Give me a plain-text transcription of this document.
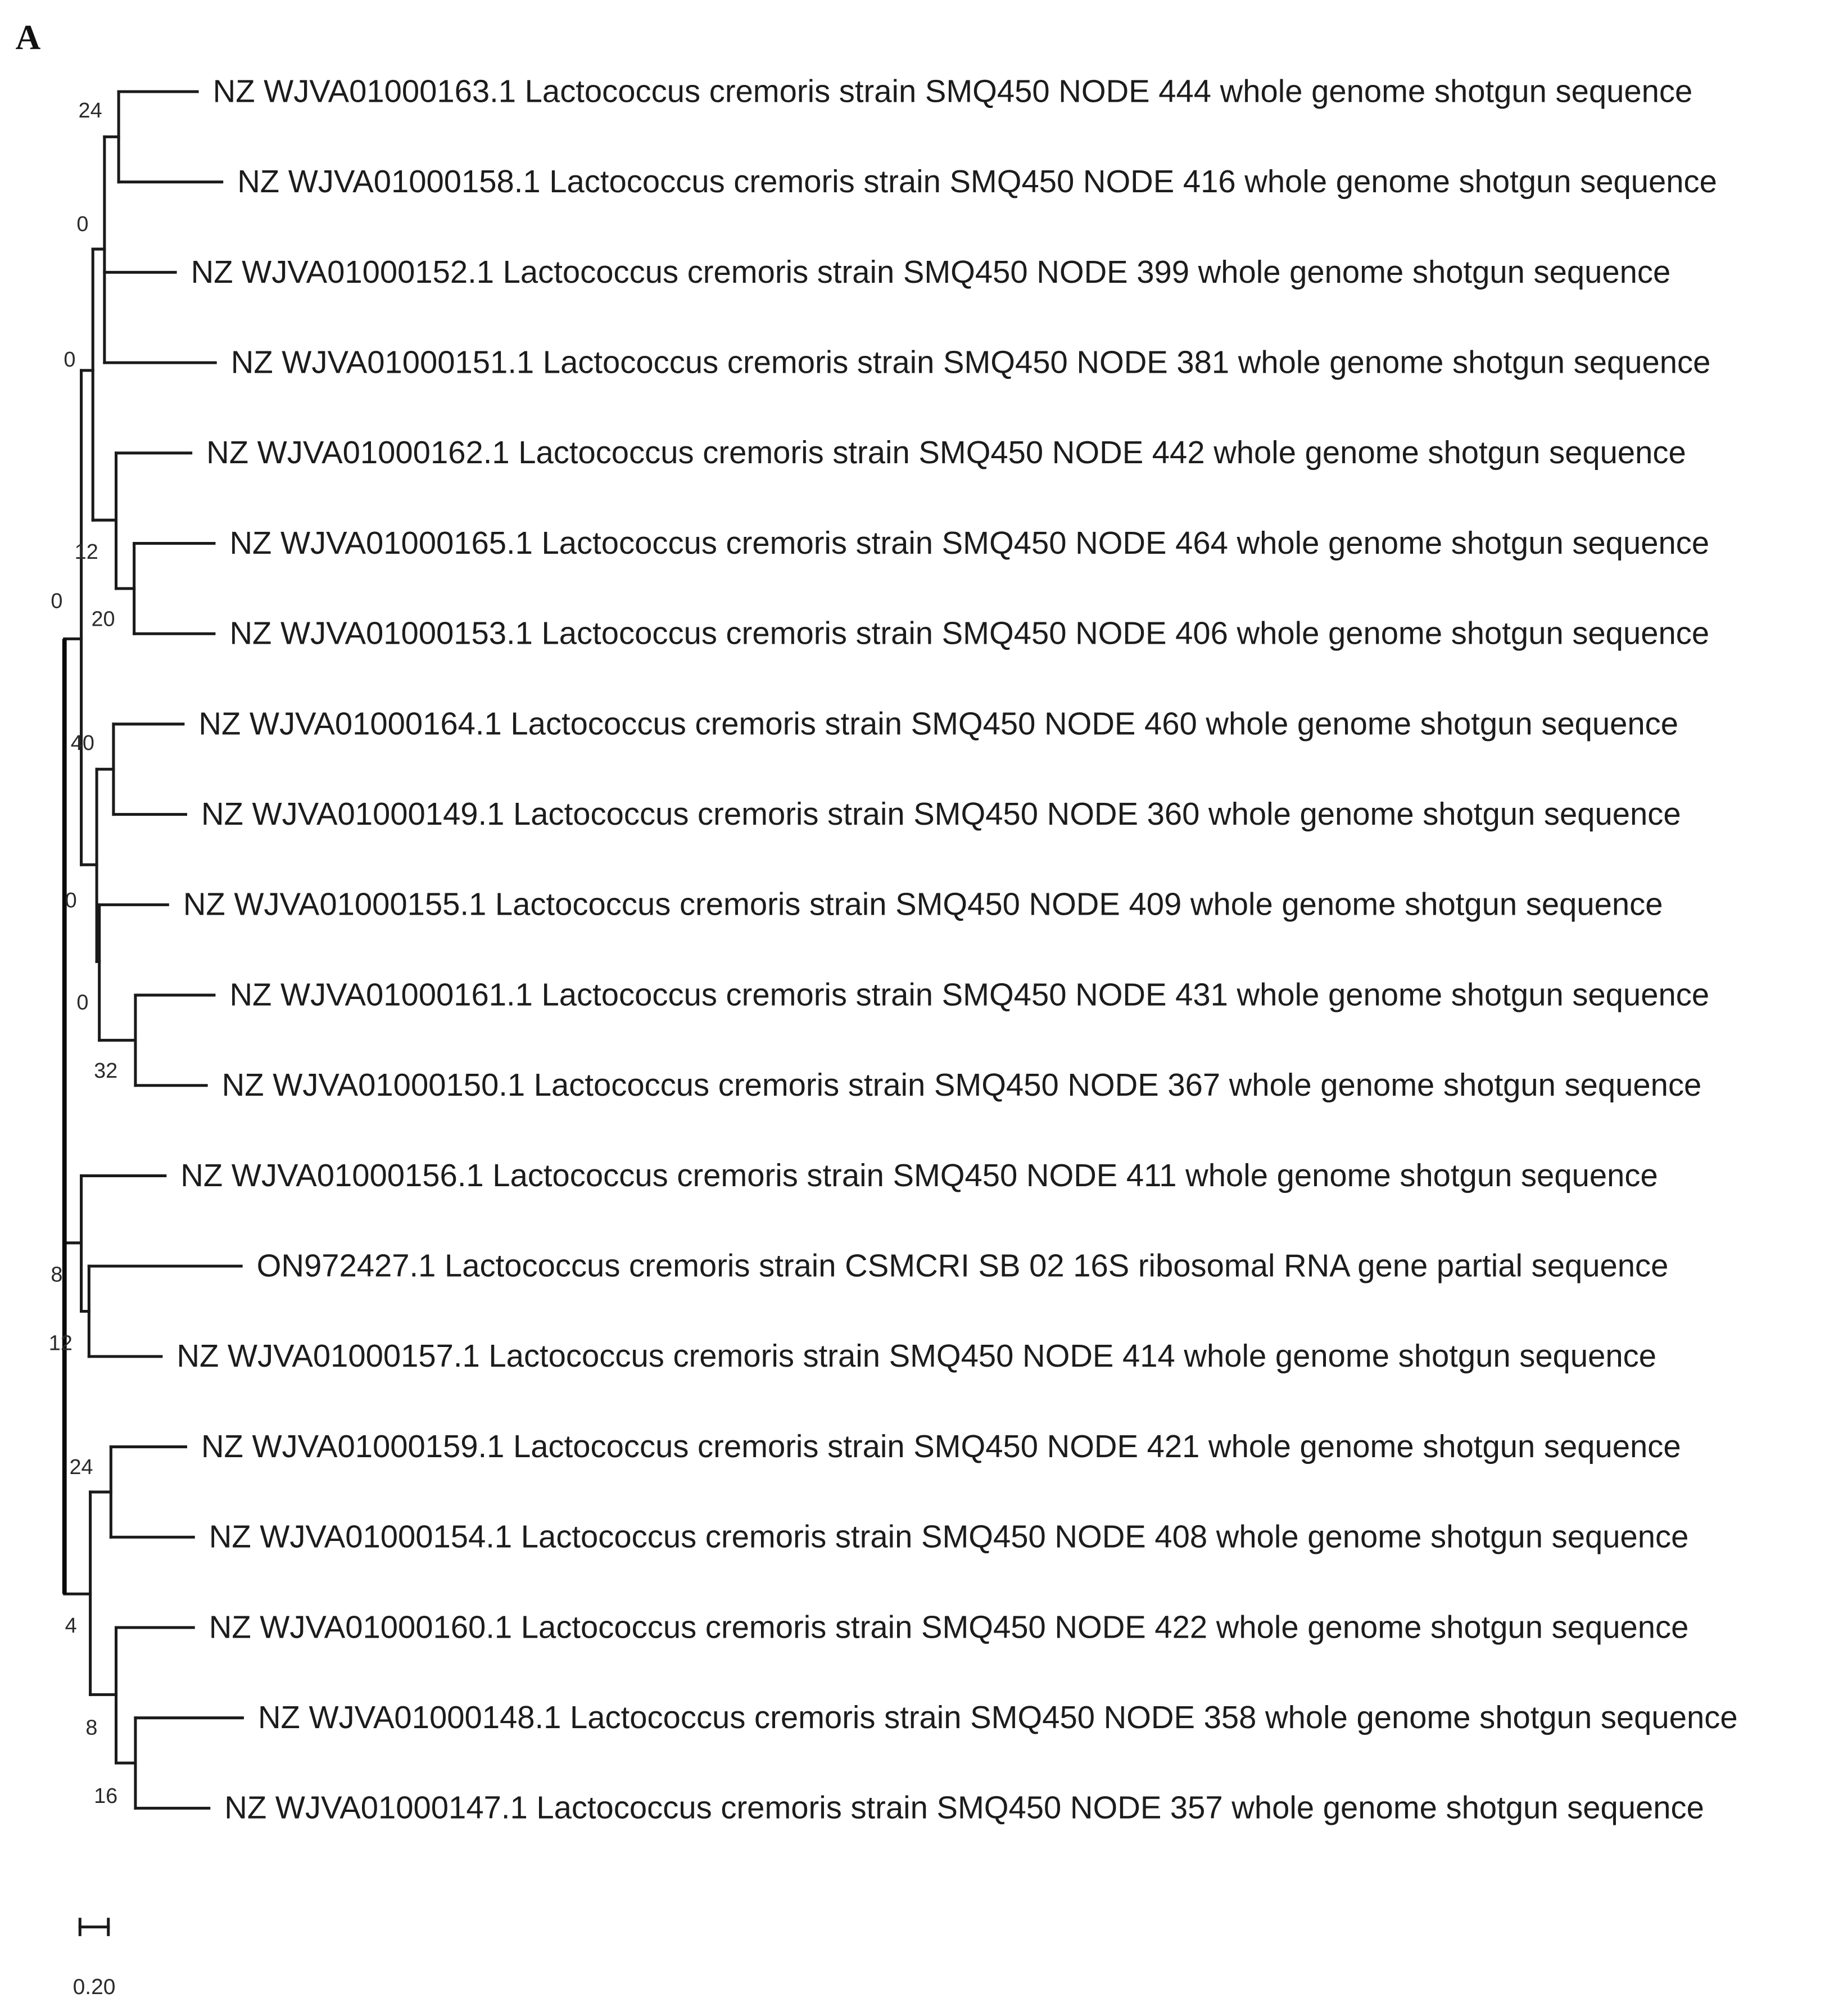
A
NZ WJVA01000163.1 Lactococcus cremoris strain SMQ450 NODE 444 whole genome shotgun sequence
NZ WJVA01000158.1 Lactococcus cremoris strain SMQ450 NODE 416 whole genome shotgun sequence
NZ WJVA01000152.1 Lactococcus cremoris strain SMQ450 NODE 399 whole genome shotgun sequence
NZ WJVA01000151.1 Lactococcus cremoris strain SMQ450 NODE 381 whole genome shotgun sequence
NZ WJVA01000162.1 Lactococcus cremoris strain SMQ450 NODE 442 whole genome shotgun sequence
NZ WJVA01000165.1 Lactococcus cremoris strain SMQ450 NODE 464 whole genome shotgun sequence
NZ WJVA01000153.1 Lactococcus cremoris strain SMQ450 NODE 406 whole genome shotgun sequence
NZ WJVA01000164.1 Lactococcus cremoris strain SMQ450 NODE 460 whole genome shotgun sequence
NZ WJVA01000149.1 Lactococcus cremoris strain SMQ450 NODE 360 whole genome shotgun sequence
NZ WJVA01000155.1 Lactococcus cremoris strain SMQ450 NODE 409 whole genome shotgun sequence
NZ WJVA01000161.1 Lactococcus cremoris strain SMQ450 NODE 431 whole genome shotgun sequence
NZ WJVA01000150.1 Lactococcus cremoris strain SMQ450 NODE 367 whole genome shotgun sequence
NZ WJVA01000156.1 Lactococcus cremoris strain SMQ450 NODE 411 whole genome shotgun sequence
ON972427.1 Lactococcus cremoris strain CSMCRI SB 02 16S ribosomal RNA gene partial sequence
NZ WJVA01000157.1 Lactococcus cremoris strain SMQ450 NODE 414 whole genome shotgun sequence
NZ WJVA01000159.1 Lactococcus cremoris strain SMQ450 NODE 421 whole genome shotgun sequence
NZ WJVA01000154.1 Lactococcus cremoris strain SMQ450 NODE 408 whole genome shotgun sequence
NZ WJVA01000160.1 Lactococcus cremoris strain SMQ450 NODE 422 whole genome shotgun sequence
NZ WJVA01000148.1 Lactococcus cremoris strain SMQ450 NODE 358 whole genome shotgun sequence
NZ WJVA01000147.1 Lactococcus cremoris strain SMQ450 NODE 357 whole genome shotgun sequence
24
0
0
12
0
20
40
0
0
32
8
12
24
4
8
16
0.20
